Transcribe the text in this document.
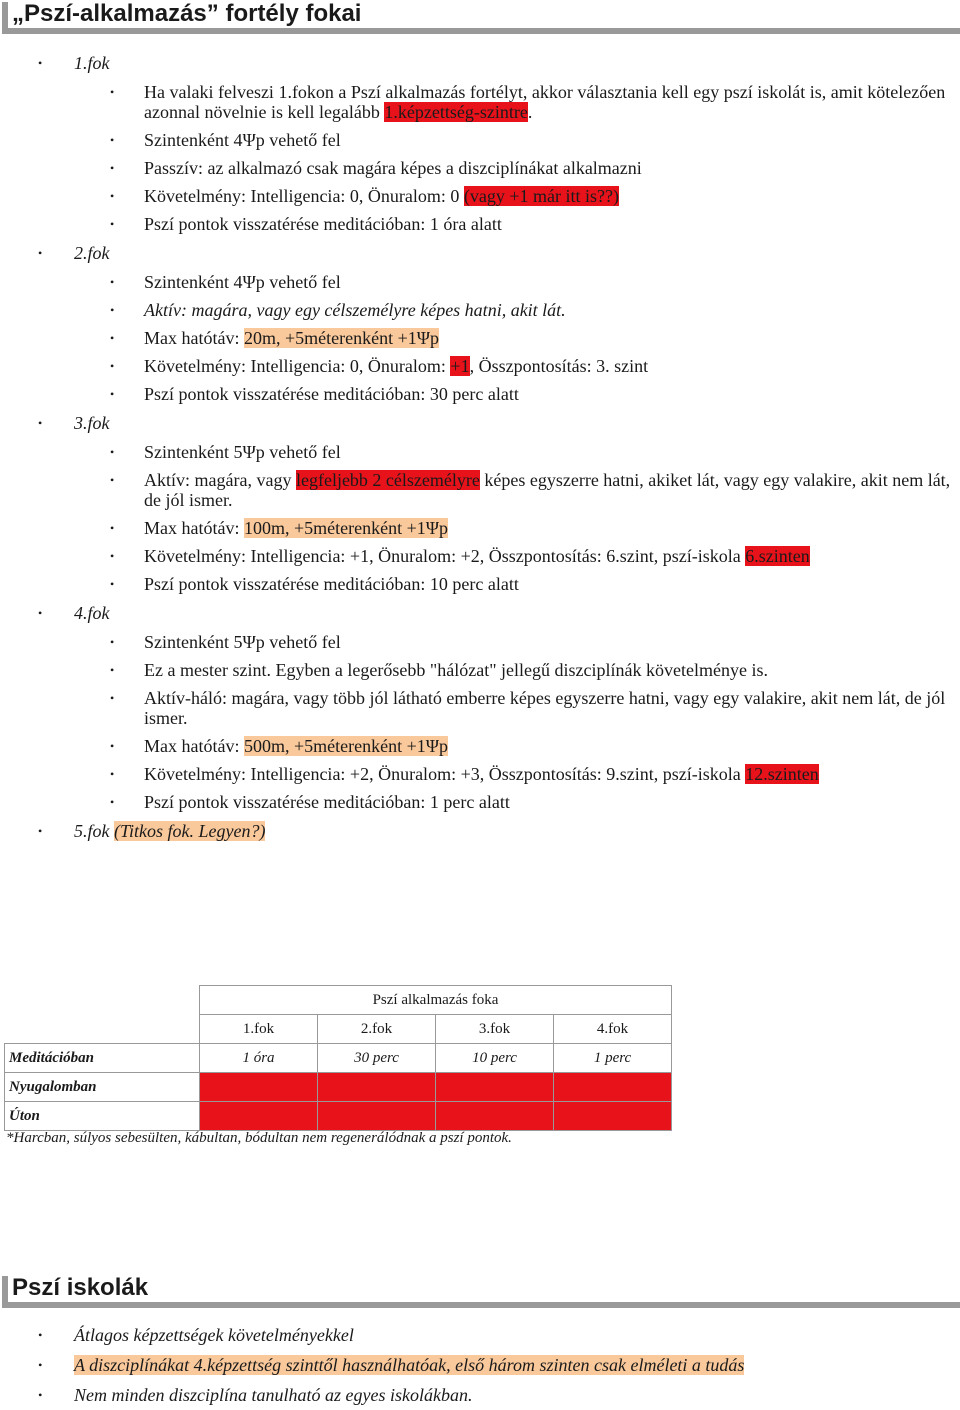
„Pszí-alkalmazás” fortély fokai
• 1.fok
• Ha valaki felveszi 1.fokon a Pszí alkalmazás fortélyt, akkor választania kell egy pszí iskolát is, amit kötelezően azonnal növelnie is kell legalább 1.képzettség-szintre.
• Szintenként 4Ψp vehető fel
• Passzív: az alkalmazó csak magára képes a diszciplínákat alkalmazni
• Követelmény: Intelligencia: 0, Önuralom: 0 (vagy +1 már itt is??)
• Pszí pontok visszatérése meditációban: 1 óra alatt
• 2.fok
• Szintenként 4Ψp vehető fel
• Aktív: magára, vagy egy célszemélyre képes hatni, akit lát.
• Max hatótáv: 20m, +5méterenként +1Ψp
• Követelmény: Intelligencia: 0, Önuralom: +1, Összpontosítás: 3. szint
• Pszí pontok visszatérése meditációban: 30 perc alatt
• 3.fok
• Szintenként 5Ψp vehető fel
• Aktív: magára, vagy legfeljebb 2 célszemélyre képes egyszerre hatni, akiket lát, vagy egy valakire, akit nem lát, de jól ismer.
• Max hatótáv: 100m, +5méterenként +1Ψp
• Követelmény: Intelligencia: +1, Önuralom: +2, Összpontosítás: 6.szint, pszí-iskola 6.szinten
• Pszí pontok visszatérése meditációban: 10 perc alatt
• 4.fok
• Szintenként 5Ψp vehető fel
• Ez a mester szint. Egyben a legerősebb "hálózat" jellegű diszciplínák követelménye is.
• Aktív-háló: magára, vagy több jól látható emberre képes egyszerre hatni, vagy egy valakire, akit nem lát, de jól ismer.
• Max hatótáv: 500m, +5méterenként +1Ψp
• Követelmény: Intelligencia: +2, Önuralom: +3, Összpontosítás: 9.szint, pszí-iskola 12.szinten
• Pszí pontok visszatérése meditációban: 1 perc alatt
• 5.fok (Titkos fok. Legyen?)
	Pszí alkalmazás foka			
	1.fok	2.fok	3.fok	4.fok
Meditációban	1 óra	30 perc	10 perc	1 perc
Nyugalomban				
Úton				
*Harcban, súlyos sebesülten, kábultan, bódultan nem regenerálódnak a pszí pontok.
Pszí iskolák
• Átlagos képzettségek követelményekkel
• A diszciplínákat 4.képzettség szinttől használhatóak, első három szinten csak elméleti a tudás
• Nem minden diszciplína tanulható az egyes iskolákban.
